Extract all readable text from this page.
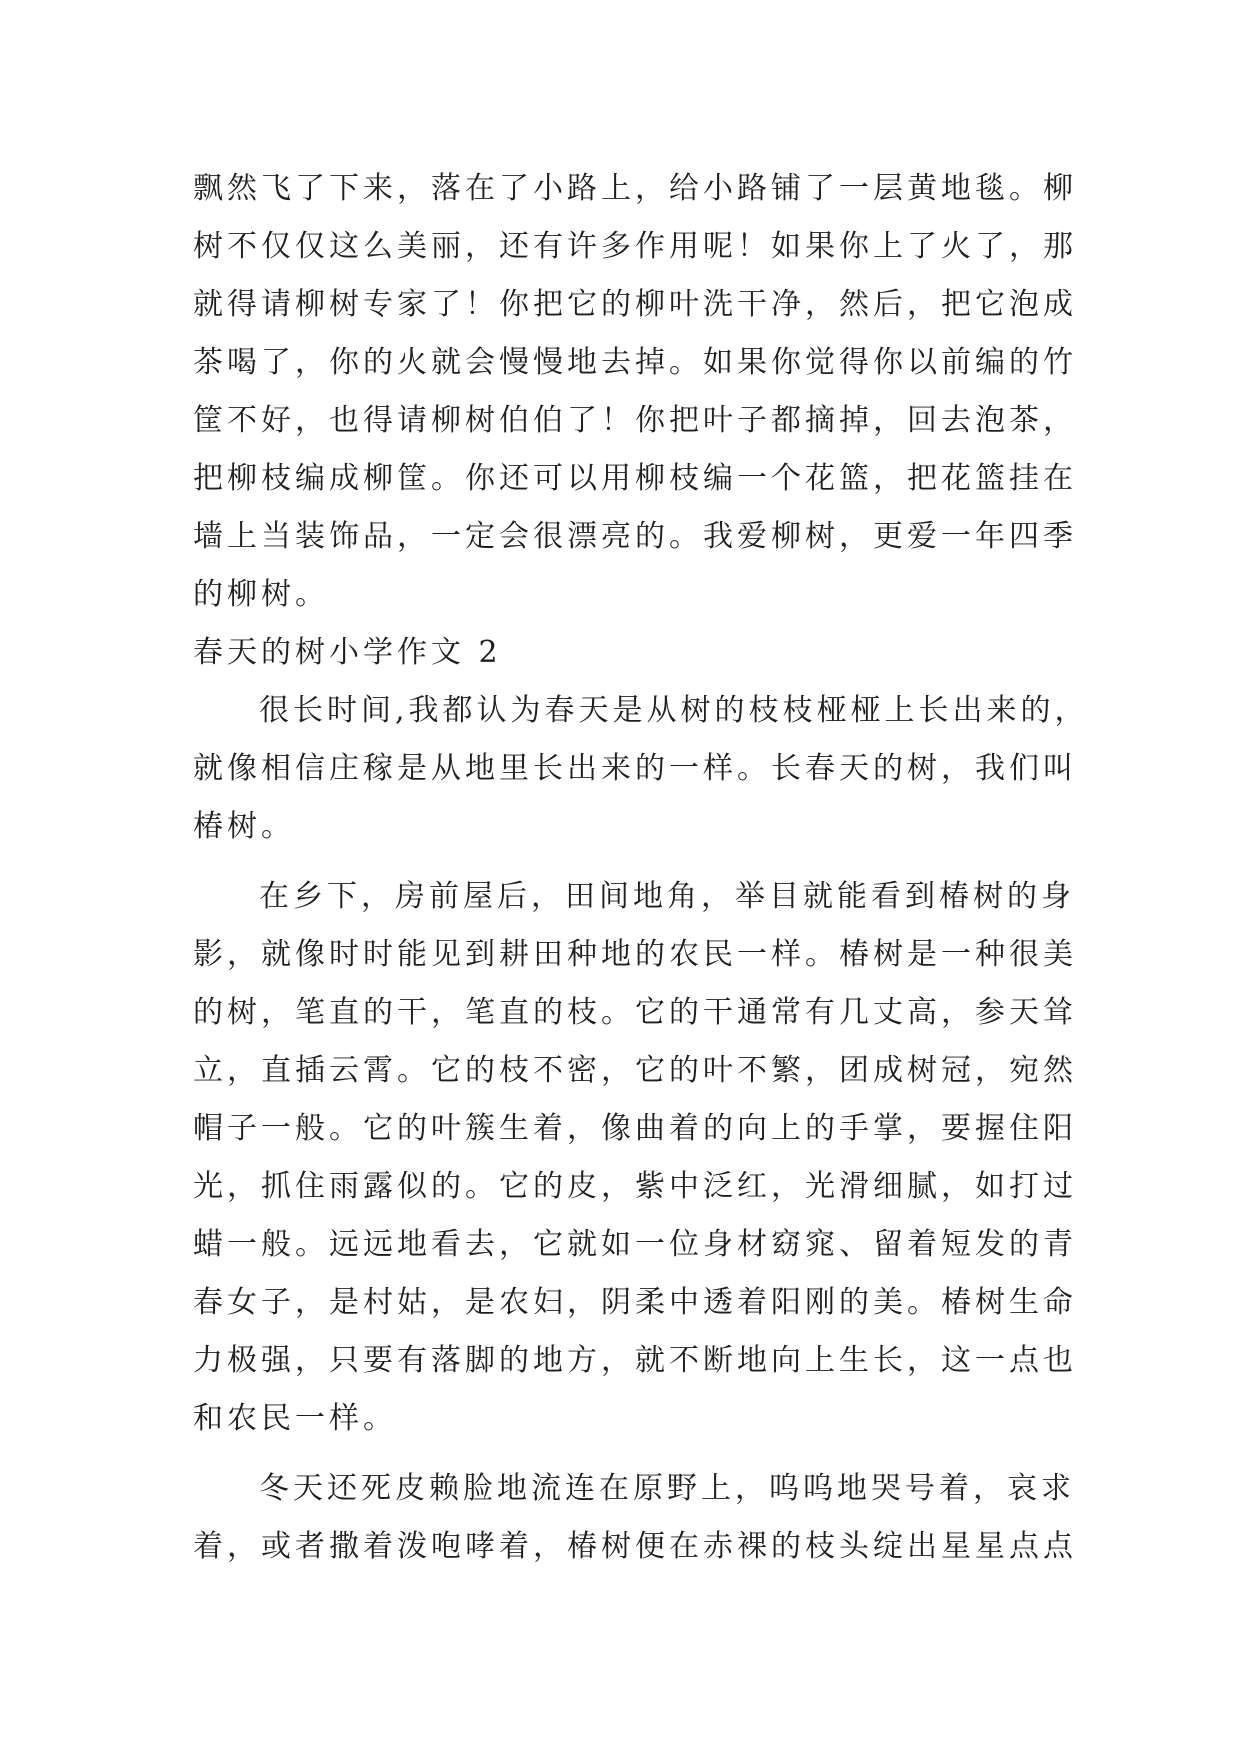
飘然飞了下来，落在了小路上，给小路铺了一层黄地毯。柳
树不仅仅这么美丽，还有许多作用呢！如果你上了火了，那
就得请柳树专家了！你把它的柳叶洗干净，然后，把它泡成
茶喝了，你的火就会慢慢地去掉。如果你觉得你以前编的竹
筐不好，也得请柳树伯伯了！你把叶子都摘掉，回去泡茶，
把柳枝编成柳筐。你还可以用柳枝编一个花篮，把花篮挂在
墙上当装饰品，一定会很漂亮的。我爱柳树，更爱一年四季
的柳树。
春天的树小学作文 2
很长时间,我都认为春天是从树的枝枝桠桠上长出来的，
就像相信庄稼是从地里长出来的一样。长春天的树，我们叫
椿树。
在乡下，房前屋后，田间地角，举目就能看到椿树的身
影，就像时时能见到耕田种地的农民一样。椿树是一种很美
的树，笔直的干，笔直的枝。它的干通常有几丈高，参天耸
立，直插云霄。它的枝不密，它的叶不繁，团成树冠，宛然
帽子一般。它的叶簇生着，像曲着的向上的手掌，要握住阳
光，抓住雨露似的。它的皮，紫中泛红，光滑细腻，如打过
蜡一般。远远地看去，它就如一位身材窈窕、留着短发的青
春女子，是村姑，是农妇，阴柔中透着阳刚的美。椿树生命
力极强，只要有落脚的地方，就不断地向上生长，这一点也
和农民一样。
冬天还死皮赖脸地流连在原野上，呜呜地哭号着，哀求
着，或者撒着泼咆哮着，椿树便在赤裸的枝头绽出星星点点
